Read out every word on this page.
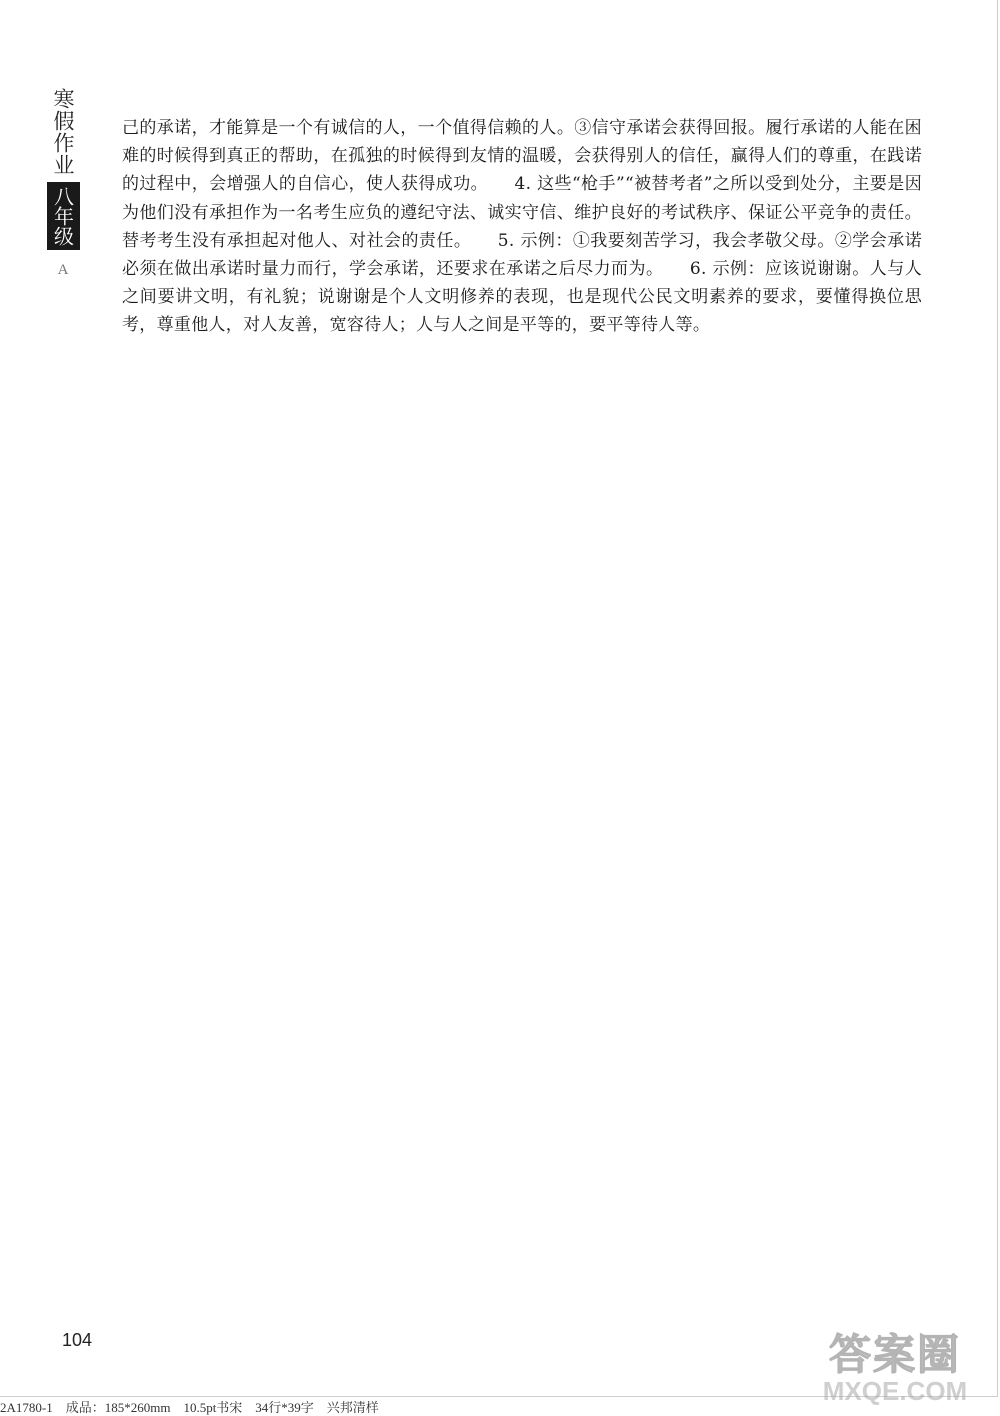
寒假作业
八年级
A
己的承诺，才能算是一个有诚信的人，一个值得信赖的人。③信守承诺会获得回报。履行承诺的人能在困难的时候得到真正的帮助，在孤独的时候得到友情的温暖，会获得别人的信任，赢得人们的尊重，在践诺的过程中，会增强人的自信心，使人获得成功。　　4. 这些“枪手”“被替考者”之所以受到处分，主要是因为他们没有承担作为一名考生应负的遵纪守法、诚实守信、维护良好的考试秩序、保证公平竞争的责任。替考考生没有承担起对他人、对社会的责任。　　5. 示例：①我要刻苦学习，我会孝敬父母。②学会承诺必须在做出承诺时量力而行，学会承诺，还要求在承诺之后尽力而为。　　6. 示例：应该说谢谢。人与人之间要讲文明，有礼貌；说谢谢是个人文明修养的表现，也是现代公民文明素养的要求，要懂得换位思考，尊重他人，对人友善，宽容待人；人与人之间是平等的，要平等待人等。
104
2A1780-1　成品：185*260mm　10.5pt书宋　34行*39字　兴邦清样
答案圈
MXQE.COM
